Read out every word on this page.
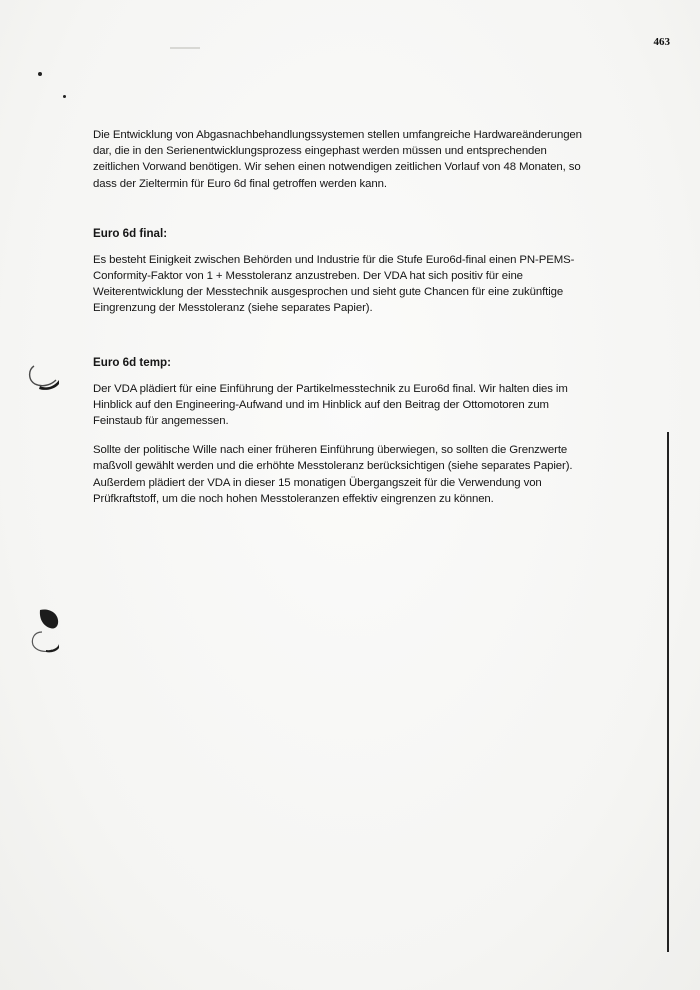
463

Die Entwicklung von Abgasnachbehandlungssystemen stellen umfangreiche Hardwareänderungen dar, die in den Serienentwicklungsprozess eingephast werden müssen und entsprechenden zeitlichen Vorwand benötigen. Wir sehen einen notwendigen zeitlichen Vorlauf von 48 Monaten, so dass der Zieltermin für Euro 6d final getroffen werden kann.

Euro 6d final:

Es besteht Einigkeit zwischen Behörden und Industrie für die Stufe Euro6d-final einen PN-PEMS-Conformity-Faktor von 1 + Messtoleranz anzustreben. Der VDA hat sich positiv für eine Weiterentwicklung der Messtechnik ausgesprochen und sieht gute Chancen für eine zukünftige Eingrenzung der Messtoleranz (siehe separates Papier).

Euro 6d temp:

Der VDA plädiert für eine Einführung der Partikelmesstechnik zu Euro6d final. Wir halten dies im Hinblick auf den Engineering-Aufwand und im Hinblick auf den Beitrag der Ottomotoren zum Feinstaub für angemessen.

Sollte der politische Wille nach einer früheren Einführung überwiegen, so sollten die Grenzwerte maßvoll gewählt werden und die erhöhte Messtoleranz berücksichtigen (siehe separates Papier). Außerdem plädiert der VDA in dieser 15 monatigen Übergangszeit für die Verwendung von Prüfkraftstoff, um die noch hohen Messtoleranzen effektiv eingrenzen zu können.
